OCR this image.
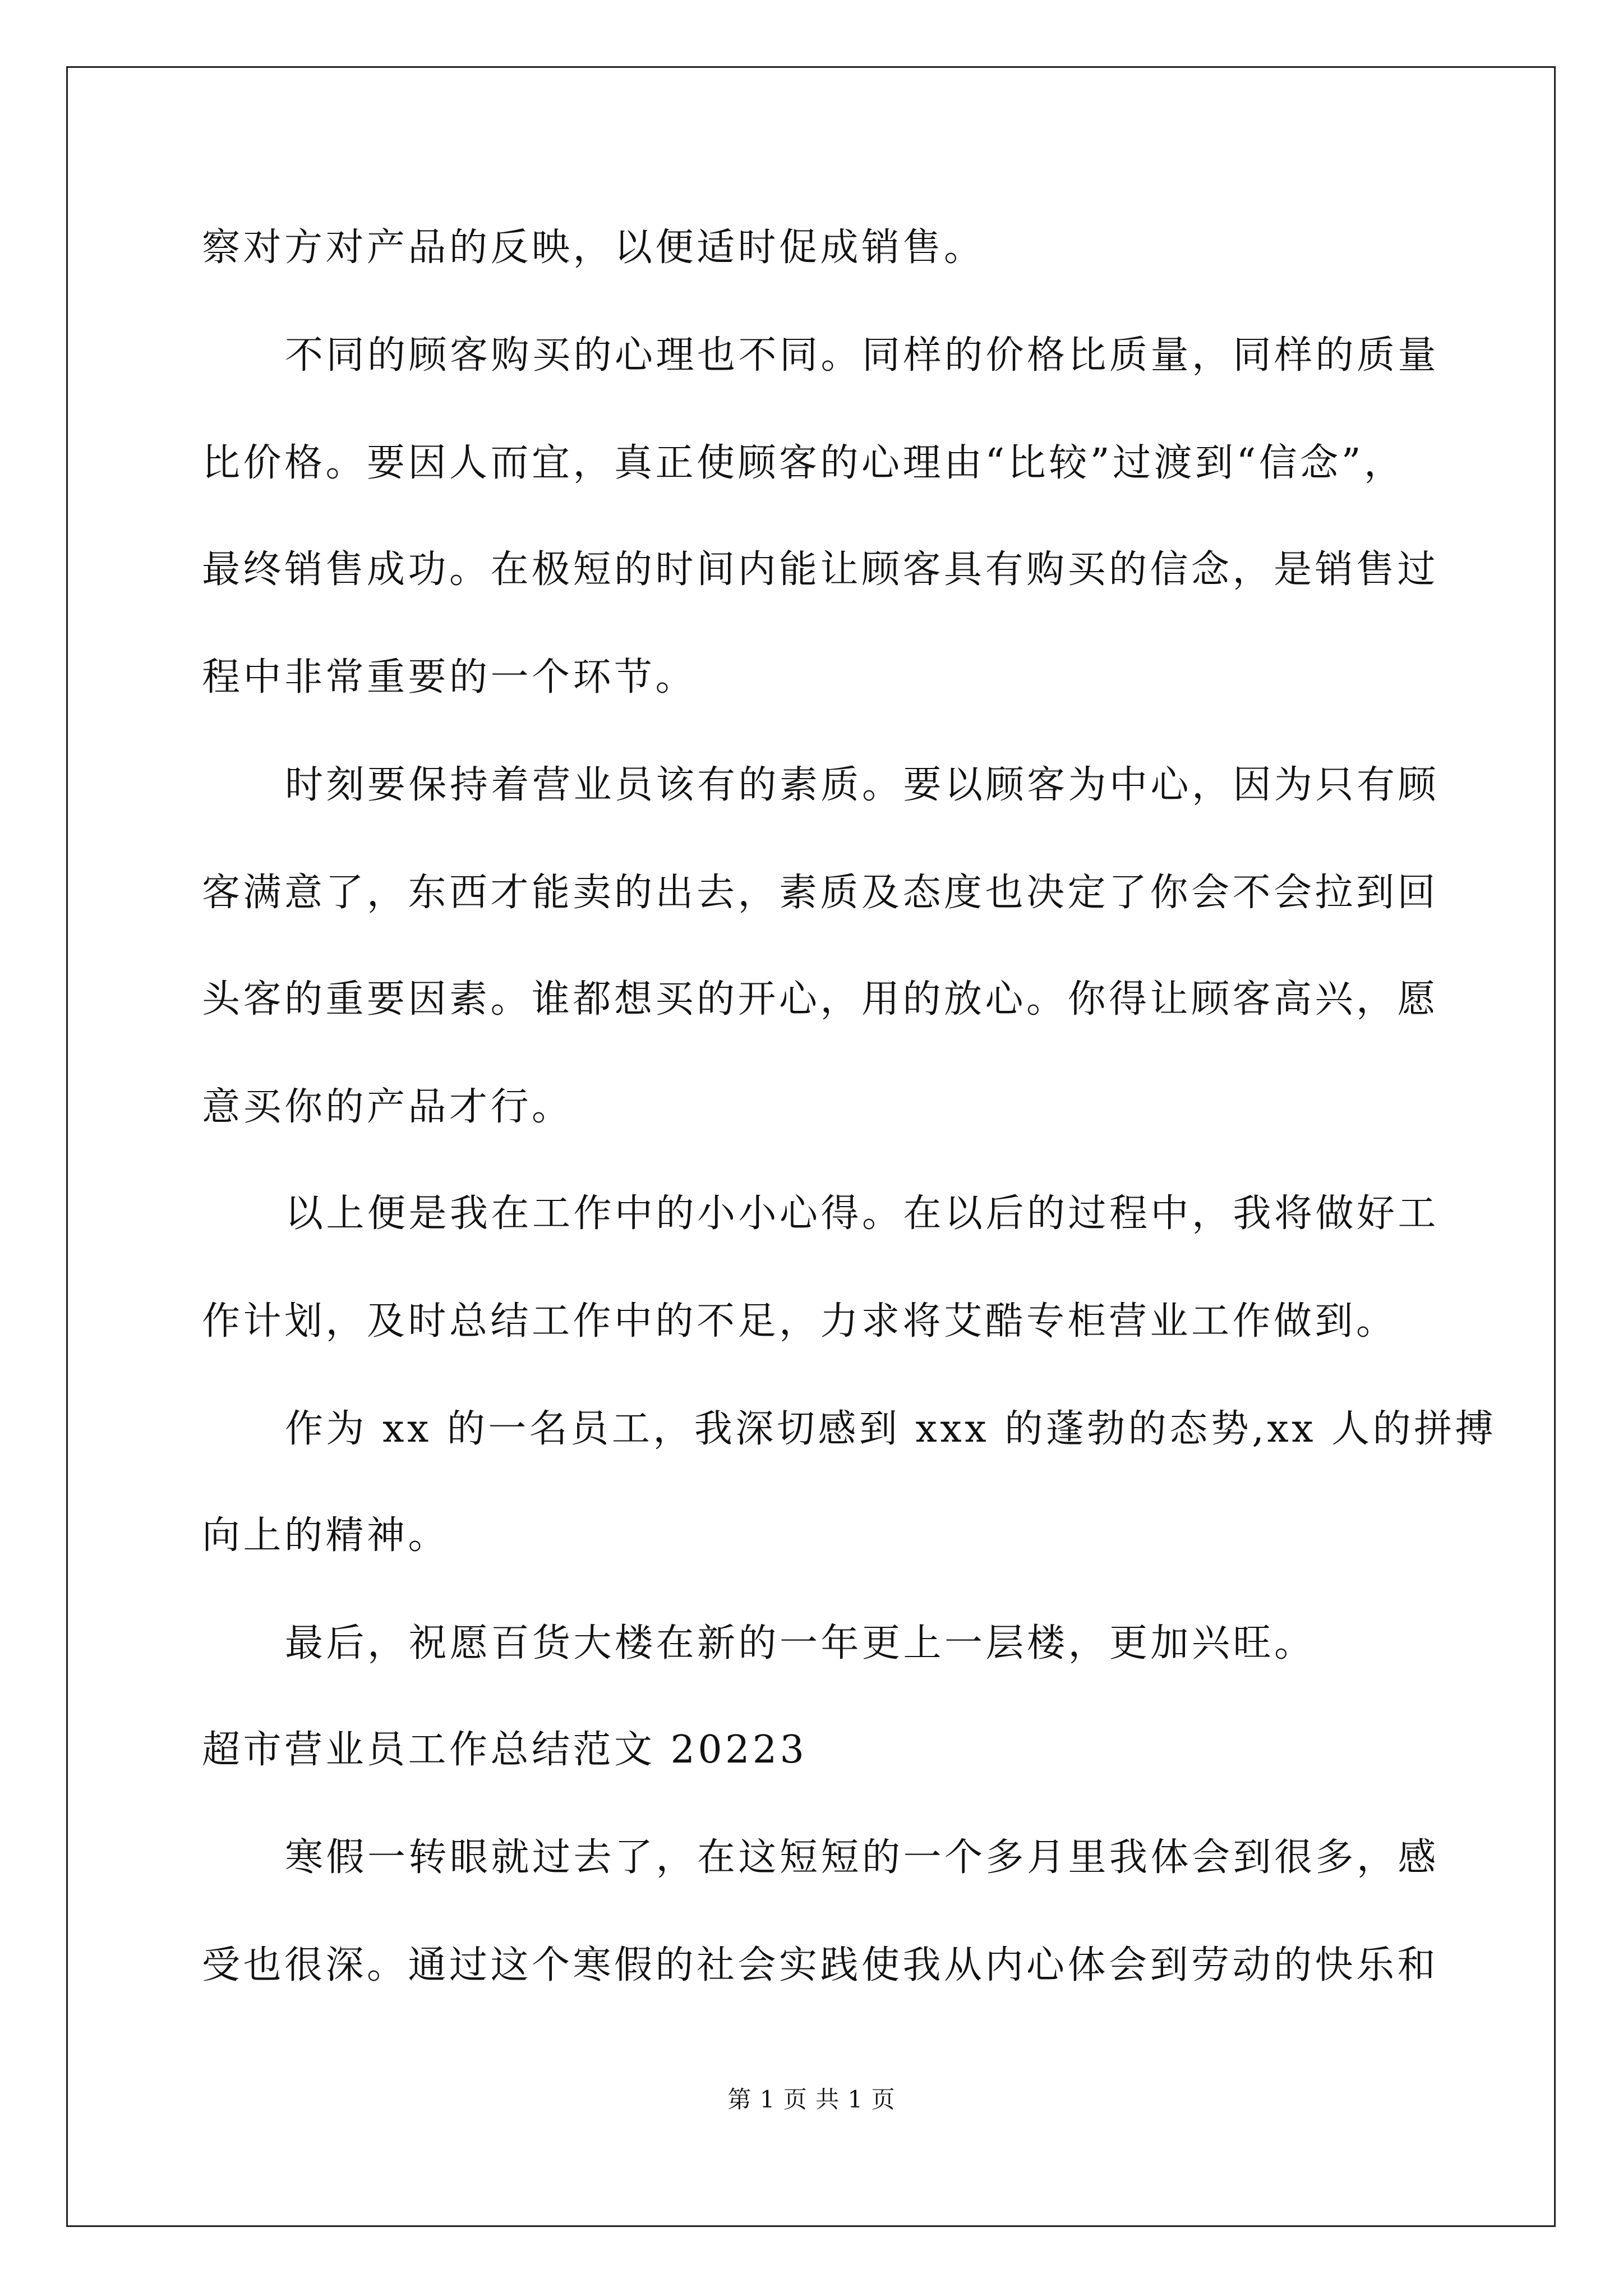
察对方对产品的反映，以便适时促成销售。
不同的顾客购买的心理也不同。同样的价格比质量，同样的质量
比价格。要因人而宜，真正使顾客的心理由“比较”过渡到“信念”，
最终销售成功。在极短的时间内能让顾客具有购买的信念，是销售过
程中非常重要的一个环节。
时刻要保持着营业员该有的素质。要以顾客为中心，因为只有顾
客满意了，东西才能卖的出去，素质及态度也决定了你会不会拉到回
头客的重要因素。谁都想买的开心，用的放心。你得让顾客高兴，愿
意买你的产品才行。
以上便是我在工作中的小小心得。在以后的过程中，我将做好工
作计划，及时总结工作中的不足，力求将艾酷专柜营业工作做到。
作为 xx 的一名员工，我深切感到 xxx 的蓬勃的态势,xx 人的拼搏
向上的精神。
最后，祝愿百货大楼在新的一年更上一层楼，更加兴旺。
超市营业员工作总结范文 20223
寒假一转眼就过去了，在这短短的一个多月里我体会到很多，感
受也很深。通过这个寒假的社会实践使我从内心体会到劳动的快乐和
第 1 页 共 1 页
